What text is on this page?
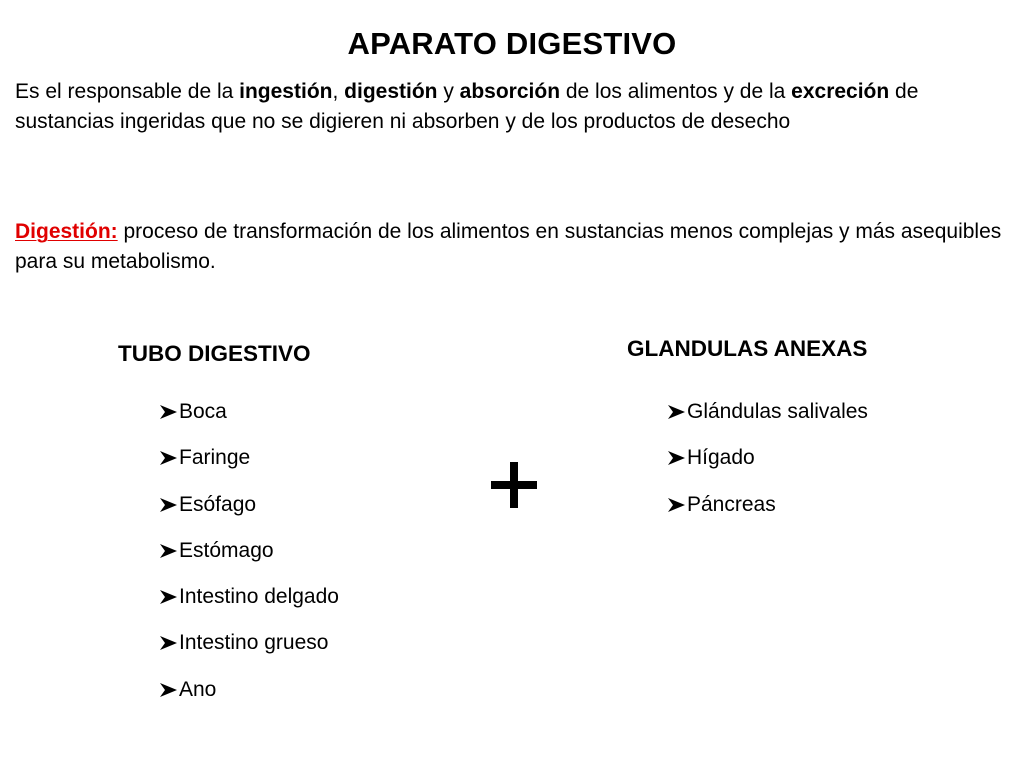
APARATO DIGESTIVO
Es el responsable de la ingestión, digestión y absorción de los alimentos y de la excreción de sustancias ingeridas que no se digieren ni absorben y de los productos de desecho
Digestión: proceso de transformación de los alimentos en sustancias menos complejas y más asequibles para su metabolismo.
TUBO DIGESTIVO
Boca
Faringe
Esófago
Estómago
Intestino delgado
Intestino grueso
Ano
GLANDULAS ANEXAS
Glándulas salivales
Hígado
Páncreas
